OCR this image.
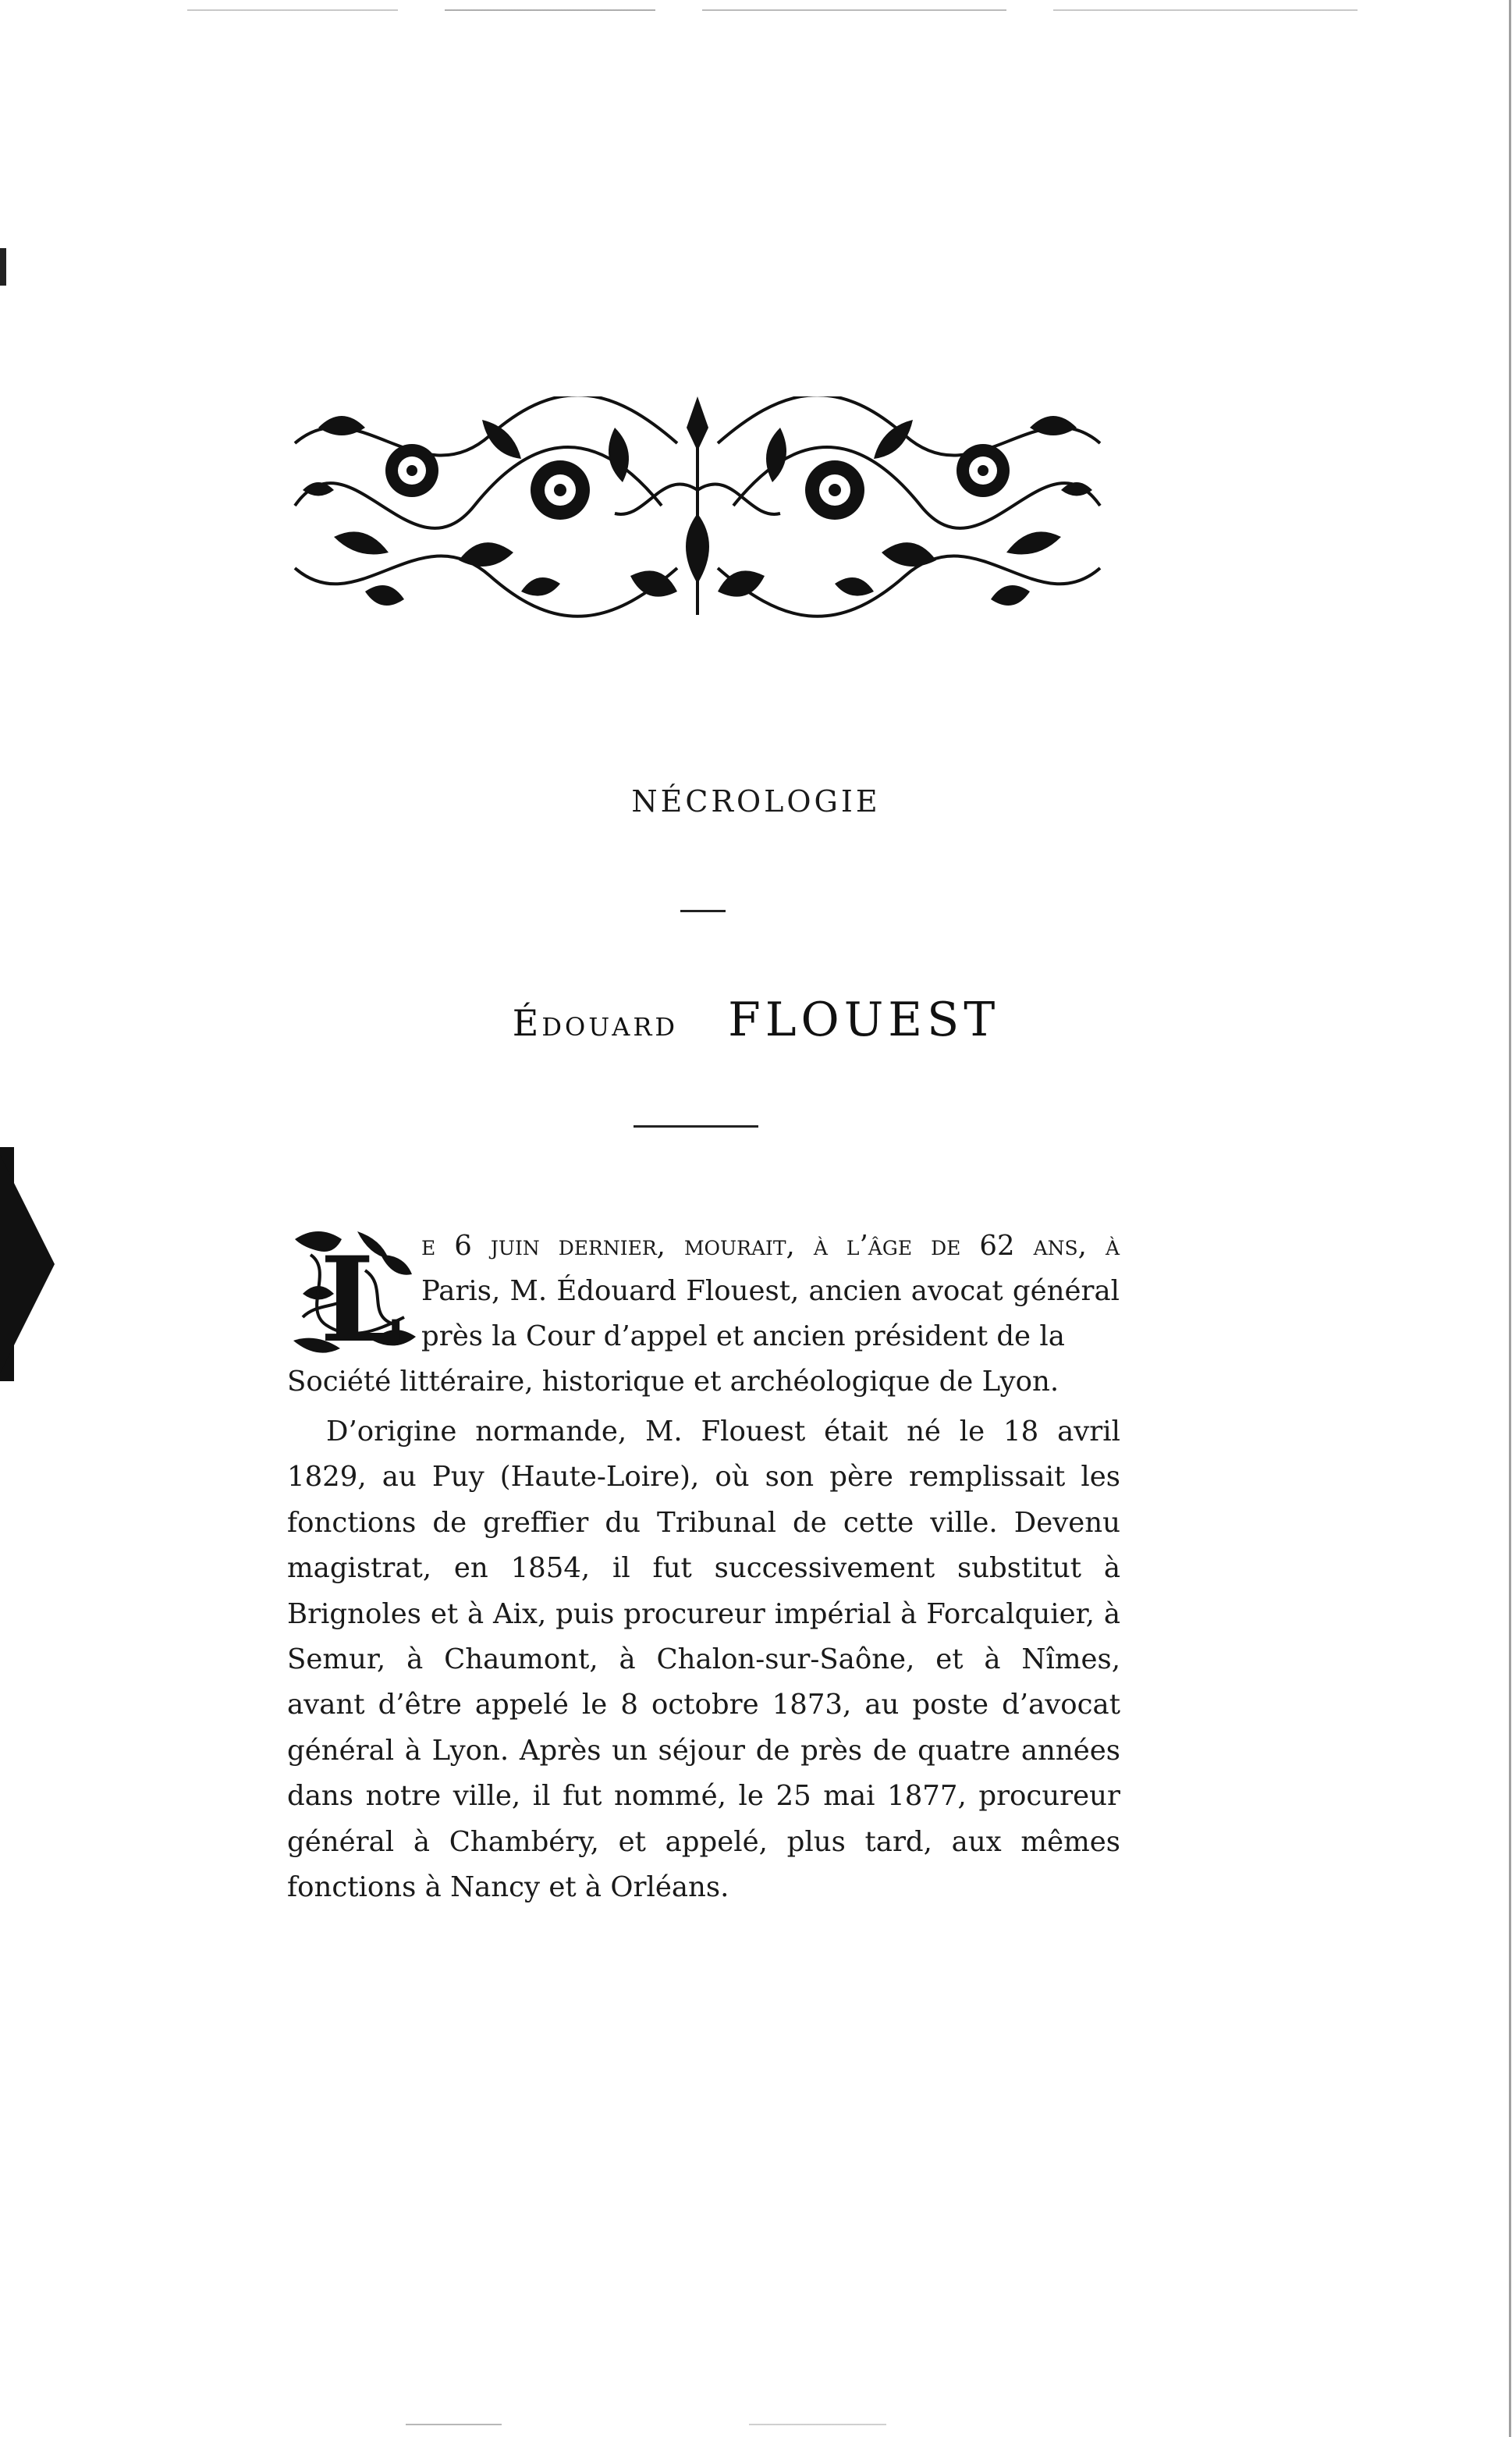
NÉCROLOGIE
Édouard FLOUEST
L e 6 juin dernier, mourait, à l’âge de 62 ans, à

Paris, M. Édouard Flouest, ancien avocat général près la Cour d’appel et ancien président de la

Société littéraire, historique et archéologique de Lyon.

D’origine normande, M. Flouest était né le 18 avril 1829, au Puy (Haute-Loire), où son père remplissait les fonctions de greffier du Tribunal de cette ville. Devenu magistrat, en 1854, il fut successivement substitut à Brignoles et à Aix, puis procureur impérial à Forcalquier, à Semur, à Chaumont, à Chalon-sur-Saône, et à Nîmes, avant d’être appelé le 8 octobre 1873, au poste d’avocat général à Lyon. Après un séjour de près de quatre années dans notre ville, il fut nommé, le 25 mai 1877, procureur général à Chambéry, et appelé, plus tard, aux mêmes fonctions à Nancy et à Orléans.
